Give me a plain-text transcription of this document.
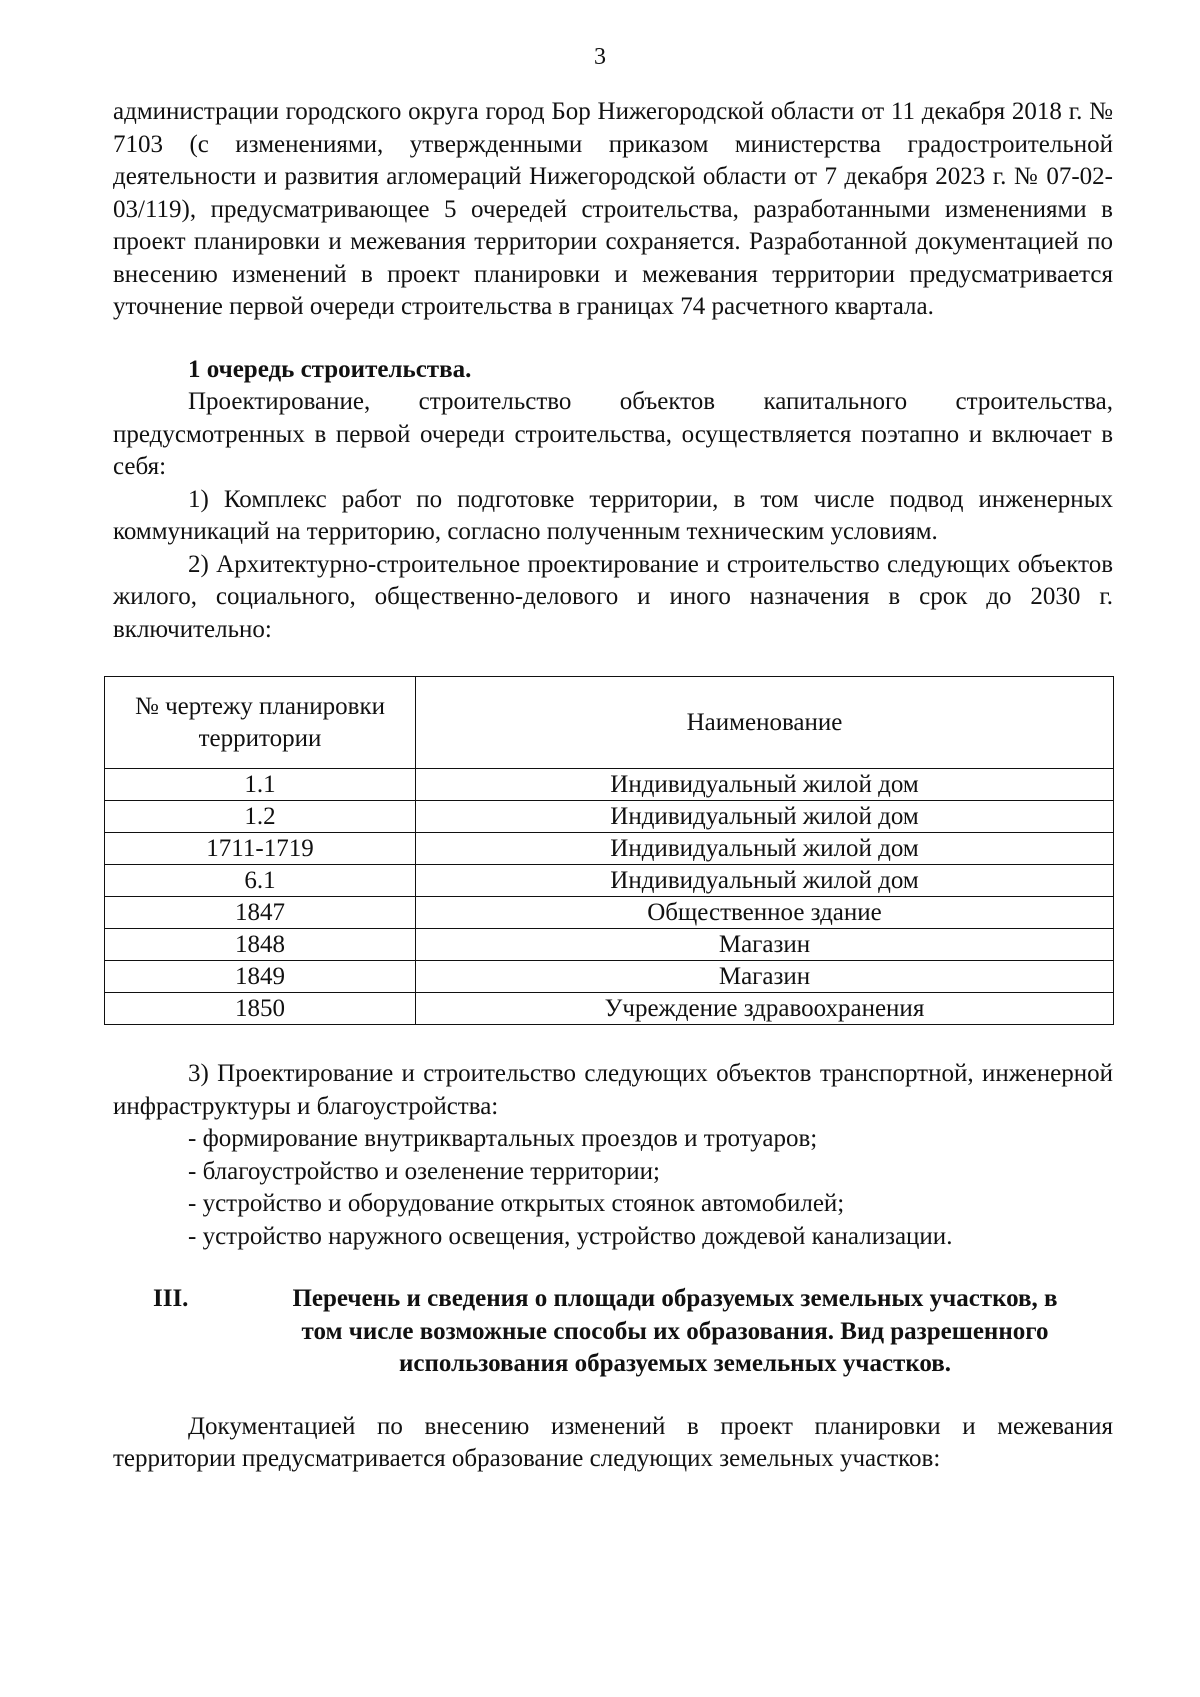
3

администрации городского округа город Бор Нижегородской области от 11 декабря 2018 г. № 7103 (с изменениями, утвержденными приказом министерства градостроительной деятельности и развития агломераций Нижегородской области от 7 декабря 2023 г. № 07-02-03/119), предусматривающее 5 очередей строительства, разработанными изменениями в проект планировки и межевания территории сохраняется. Разработанной документацией по внесению изменений в проект планировки и межевания территории предусматривается уточнение первой очереди строительства в границах 74 расчетного квартала.

1 очередь строительства.

Проектирование, строительство объектов капитального строительства, предусмотренных в первой очереди строительства, осуществляется поэтапно и включает в себя:

1) Комплекс работ по подготовке территории, в том числе подвод инженерных коммуникаций на территорию, согласно полученным техническим условиям.

2) Архитектурно-строительное проектирование и строительство следующих объектов жилого, социального, общественно-делового и иного назначения в срок до 2030 г. включительно:

№ чертежу планировки территории	Наименование
1.1	Индивидуальный жилой дом
1.2	Индивидуальный жилой дом
1711-1719	Индивидуальный жилой дом
6.1	Индивидуальный жилой дом
1847	Общественное здание
1848	Магазин
1849	Магазин
1850	Учреждение здравоохранения

3) Проектирование и строительство следующих объектов транспортной, инженерной инфраструктуры и благоустройства:

- формирование внутриквартальных проездов и тротуаров;

- благоустройство и озеленение территории;

- устройство и оборудование открытых стоянок автомобилей;

- устройство наружного освещения, устройство дождевой канализации.

III.	Перечень и сведения о площади образуемых земельных участков, в
том числе возможные способы их образования. Вид разрешенного
использования образуемых земельных участков.

Документацией по внесению изменений в проект планировки и межевания территории предусматривается образование следующих земельных участков:
